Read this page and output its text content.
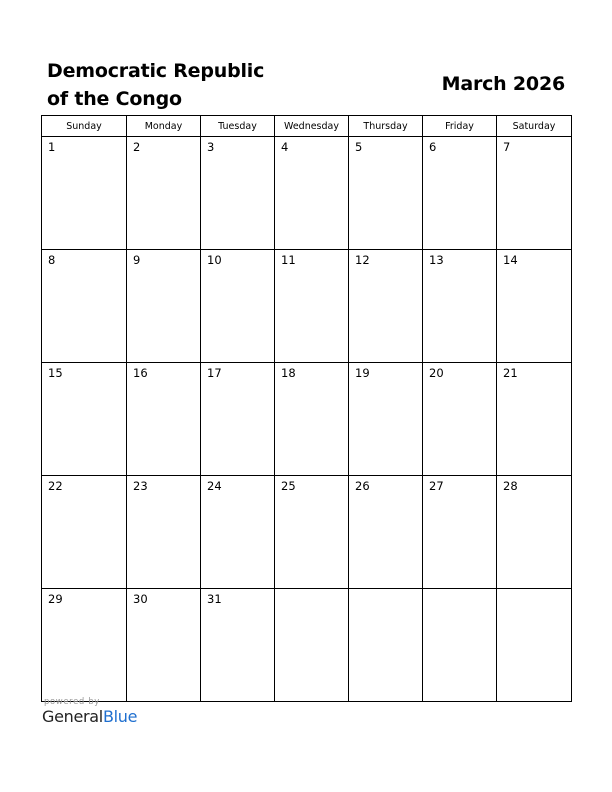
Democratic Republic
of the Congo
March 2026
Sunday	Monday	Tuesday	Wednesday	Thursday	Friday	Saturday
1	2	3	4	5	6	7
8	9	10	11	12	13	14
15	16	17	18	19	20	21
22	23	24	25	26	27	28
29	30	31				
powered by
GeneralBlue
